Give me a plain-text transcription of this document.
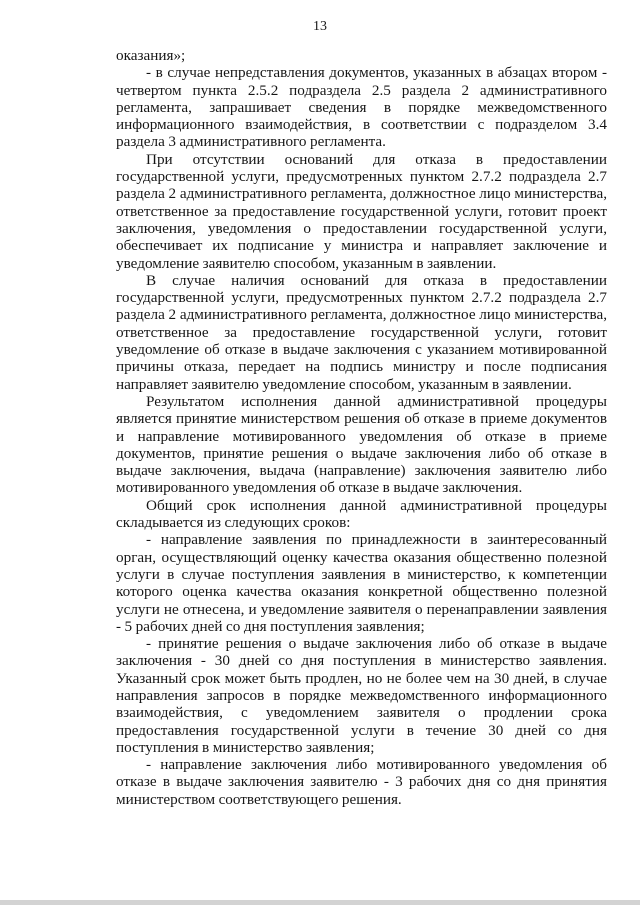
13

оказания»;

- в случае непредставления документов, указанных в абзацах втором - четвертом пункта 2.5.2 подраздела 2.5 раздела 2 административного регламента, запрашивает сведения в порядке межведомственного информационного взаимодействия, в соответствии с подразделом 3.4 раздела 3 административного регламента.

При отсутствии оснований для отказа в предоставлении государственной услуги, предусмотренных пунктом 2.7.2 подраздела 2.7 раздела 2 административного регламента, должностное лицо министерства, ответственное за предоставление государственной услуги, готовит проект заключения, уведомления о предоставлении государственной услуги, обеспечивает их подписание у министра и направляет заключение и уведомление заявителю способом, указанным в заявлении.

В случае наличия оснований для отказа в предоставлении государственной услуги, предусмотренных пунктом 2.7.2 подраздела 2.7 раздела 2 административного регламента, должностное лицо министерства, ответственное за предоставление государственной услуги, готовит уведомление об отказе в выдаче заключения с указанием мотивированной причины отказа, передает на подпись министру и после подписания направляет заявителю уведомление способом, указанным в заявлении.

Результатом исполнения данной административной процедуры является принятие министерством решения об отказе в приеме документов и направление мотивированного уведомления об отказе в приеме документов, принятие решения о выдаче заключения либо об отказе в выдаче заключения, выдача (направление) заключения заявителю либо мотивированного уведомления об отказе в выдаче заключения.

Общий срок исполнения данной административной процедуры складывается из следующих сроков:

- направление заявления по принадлежности в заинтересованный орган, осуществляющий оценку качества оказания общественно полезной услуги в случае поступления заявления в министерство, к компетенции которого оценка качества оказания конкретной общественно полезной услуги не отнесена, и уведомление заявителя о перенаправлении заявления - 5 рабочих дней со дня поступления заявления;

- принятие решения о выдаче заключения либо об отказе в выдаче заключения - 30 дней со дня поступления в министерство заявления. Указанный срок может быть продлен, но не более чем на 30 дней, в случае направления запросов в порядке межведомственного информационного взаимодействия, с уведомлением заявителя о продлении срока предоставления государственной услуги в течение 30 дней со дня поступления в министерство заявления;

- направление заключения либо мотивированного уведомления об отказе в выдаче заключения заявителю - 3 рабочих дня со дня принятия министерством соответствующего решения.
